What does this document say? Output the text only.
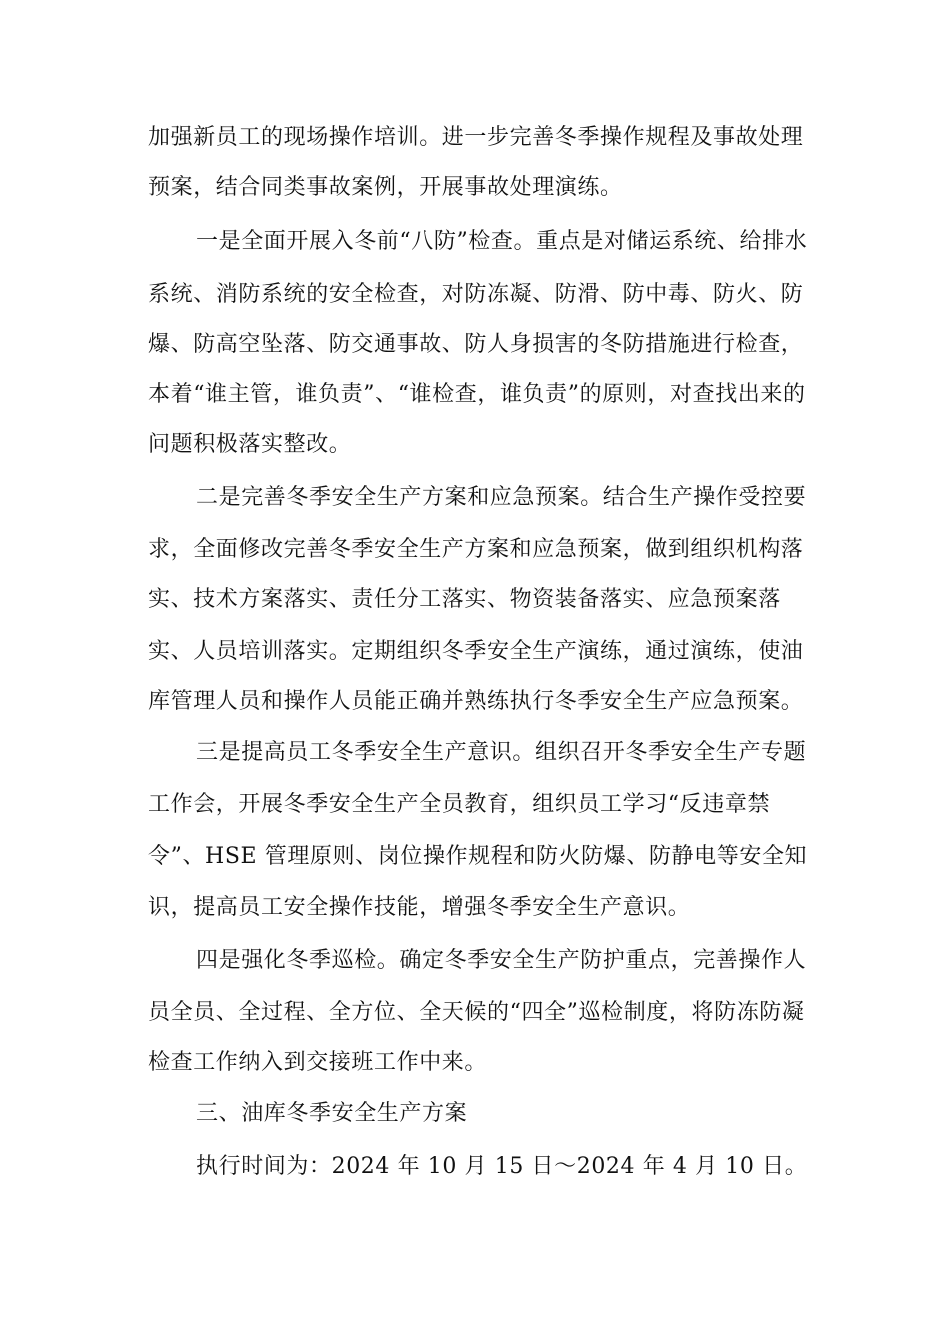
加强新员工的现场操作培训。进一步完善冬季操作规程及事故处理
预案，结合同类事故案例，开展事故处理演练。
一是全面开展入冬前“八防”检查。重点是对储运系统、给排水
系统、消防系统的安全检查，对防冻凝、防滑、防中毒、防火、防
爆、防高空坠落、防交通事故、防人身损害的冬防措施进行检查，
本着“谁主管，谁负责”、“谁检查，谁负责”的原则，对查找出来的
问题积极落实整改。
二是完善冬季安全生产方案和应急预案。结合生产操作受控要
求，全面修改完善冬季安全生产方案和应急预案，做到组织机构落
实、技术方案落实、责任分工落实、物资装备落实、应急预案落
实、人员培训落实。定期组织冬季安全生产演练，通过演练，使油
库管理人员和操作人员能正确并熟练执行冬季安全生产应急预案。
三是提高员工冬季安全生产意识。组织召开冬季安全生产专题
工作会，开展冬季安全生产全员教育，组织员工学习“反违章禁
令”、HSE 管理原则、岗位操作规程和防火防爆、防静电等安全知
识，提高员工安全操作技能，增强冬季安全生产意识。
四是强化冬季巡检。确定冬季安全生产防护重点，完善操作人
员全员、全过程、全方位、全天候的“四全”巡检制度，将防冻防凝
检查工作纳入到交接班工作中来。
三、油库冬季安全生产方案
执行时间为：2024 年 10 月 15 日～2024 年 4 月 10 日。
